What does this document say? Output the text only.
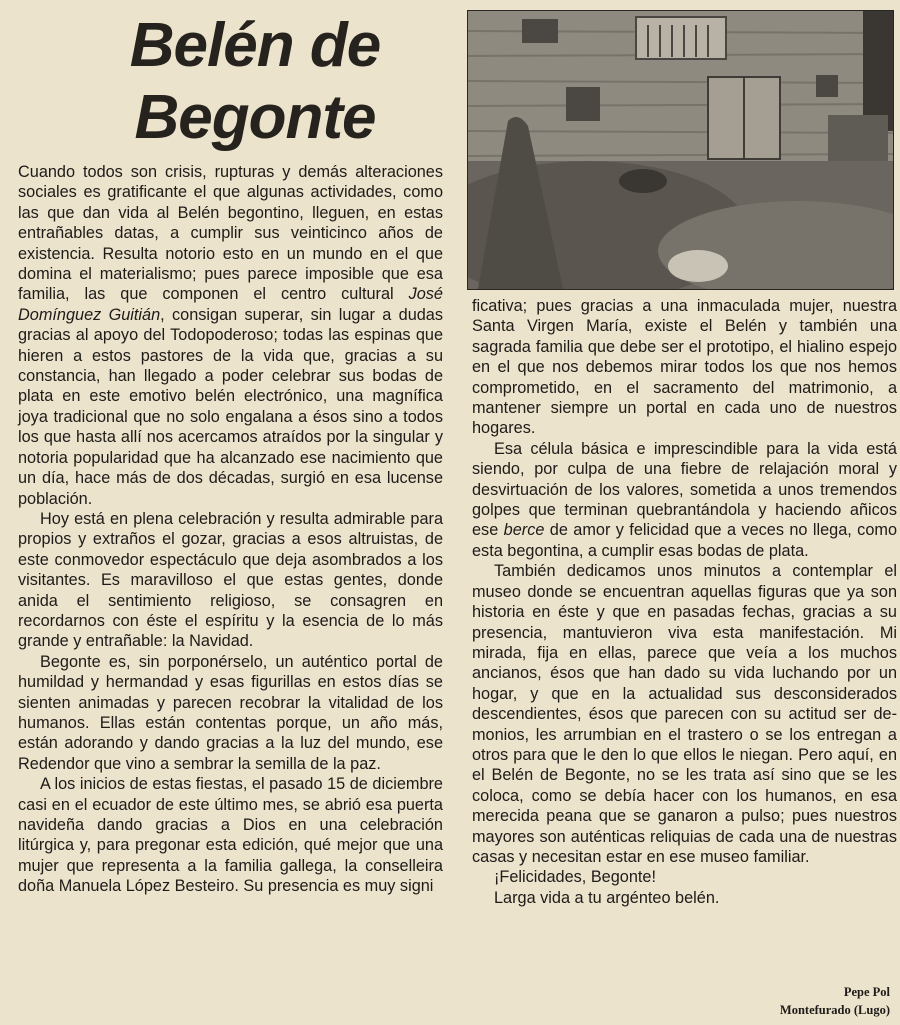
Belén de
Begonte

Cuando todos son crisis, rupturas y demás alteraciones sociales es gratificante el que algunas actividades, como las que dan vida al Belén begontino, lleguen, en estas entrañables datas, a cumplir sus veinticinco años de existencia. Resulta notorio esto en un mundo en el que domina el materialismo; pues parece imposible que esa familia, las que componen el centro cultural José Domínguez Guitián, consigan superar, sin lugar a dudas gracias al apoyo del Todopoderoso; todas las espinas que hieren a estos pastores de la vida que, gracias a su constancia, han llegado a poder celebrar sus bodas de plata en este emotivo belén electrónico, una magnífica joya tradicional que no solo engalana a ésos sino a todos los que hasta allí nos acercamos atraídos por la singular y notoria popularidad que ha alcanzado ese nacimiento que un día, hace más de dos décadas, surgió en esa lucense población.

Hoy está en plena celebración y resulta admirable para propios y extraños el gozar, gracias a esos altruistas, de este conmovedor espectáculo que deja asombrados a los visitantes. Es maravilloso el que estas gentes, donde anida el sentimiento religioso, se consagren en recordarnos con éste el espíritu y la esencia de lo más grande y entrañable: la Navidad.

Begonte es, sin porponérselo, un auténtico portal de humildad y hermandad y esas figurillas en estos días se sienten animadas y parecen recobrar la vitalidad de los humanos. Ellas están contentas porque, un año más, están adorando y dando gracias a la luz del mundo, ese Redendor que vino a sembrar la semilla de la paz.

A los inicios de estas fiestas, el pasado 15 de diciembre casi en el ecuador de este último mes, se abrió esa puerta navideña dando gracias a Dios en una celebración litúrgica y, para pregonar esta edición, qué mejor que una mujer que representa a la familia gallega, la conselleira doña Manuela López Besteiro. Su presencia es muy signi

ficativa; pues gracias a una inmaculada mujer, nuestra Santa Virgen María, existe el Belén y también una sagrada familia que debe ser el prototipo, el hialino espejo en el que nos debemos mirar todos los que nos hemos comprometido, en el sacramento del matrimonio, a mantener siempre un portal en cada uno de nuestros hogares.

Esa célula básica e imprescindible para la vida está siendo, por culpa de una fiebre de relajación moral y desvirtuación de los valores, sometida a unos tremendos golpes que terminan quebrantándola y haciendo añicos ese berce de amor y felicidad que a veces no llega, como esta begontina, a cumplir esas bodas de plata.

También dedicamos unos minutos a contemplar el museo donde se encuentran aquellas figuras que ya son historia en éste y que en pasadas fechas, gracias a su presencia, mantuvieron viva esta manifestación. Mi mirada, fija en ellas, parece que veía a los muchos ancianos, ésos que han dado su vida luchando por un hogar, y que en la actualidad sus desconsiderados descendientes, ésos que parecen con su actitud ser demonios, les arrumbian en el trastero o se los entregan a otros para que le den lo que ellos le niegan. Pero aquí, en el Belén de Begonte, no se les trata así sino que se les coloca, como se debía hacer con los humanos, en esa merecida peana que se ganaron a pulso; pues nuestros mayores son auténticas reliquias de cada una de nuestras casas y necesitan estar en ese museo familiar.

¡Felicidades, Begonte!

Larga vida a tu argénteo belén.

Pepe Pol
Montefurado (Lugo)
